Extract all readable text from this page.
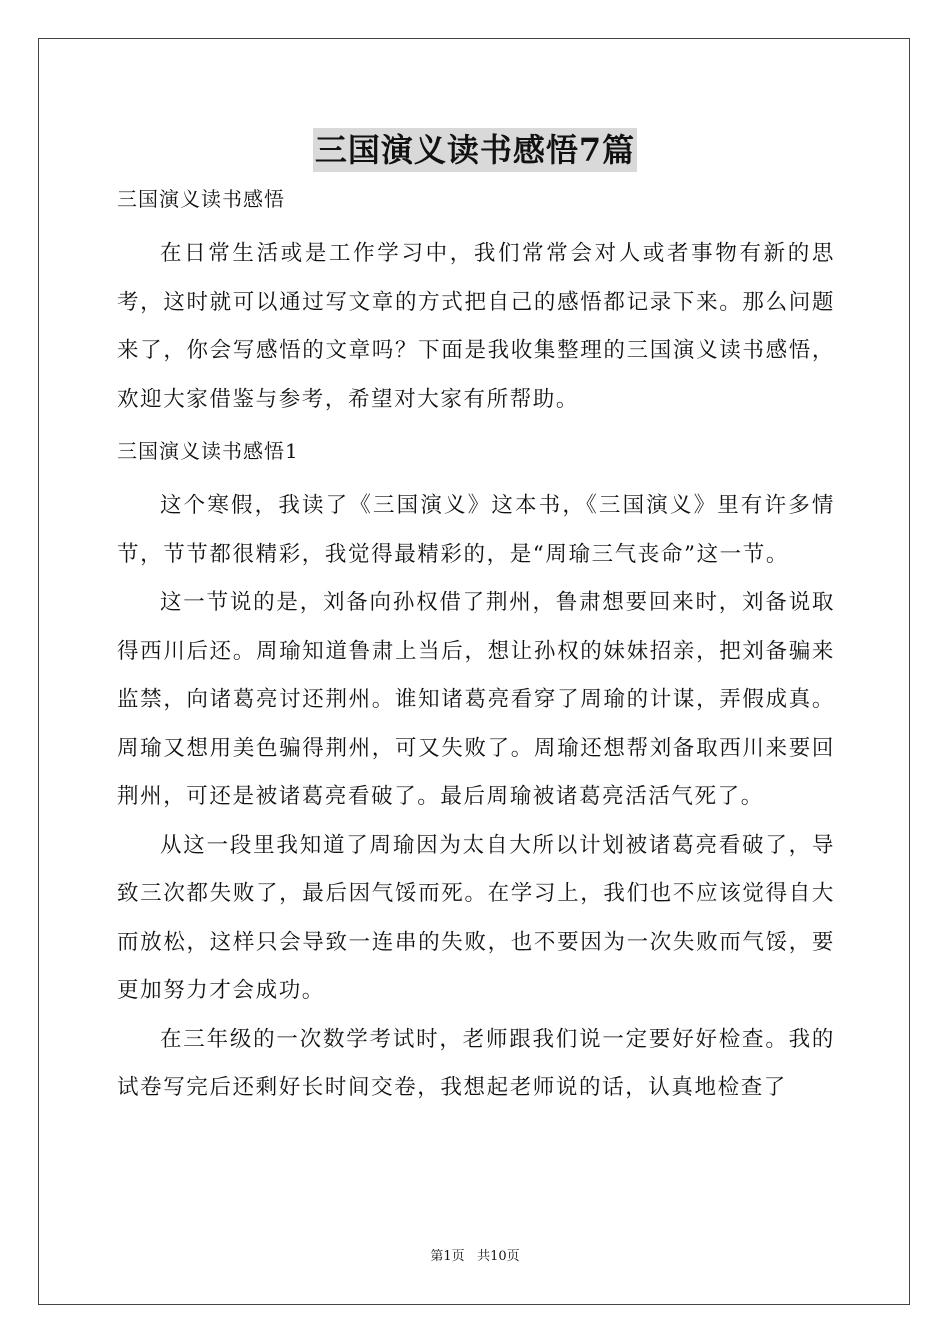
三国演义读书感悟7篇

三国演义读书感悟

在日常生活或是工作学习中，我们常常会对人或者事物有新的思考，这时就可以通过写文章的方式把自己的感悟都记录下来。那么问题来了，你会写感悟的文章吗？下面是我收集整理的三国演义读书感悟，欢迎大家借鉴与参考，希望对大家有所帮助。

三国演义读书感悟1

这个寒假，我读了《三国演义》这本书，《三国演义》里有许多情节，节节都很精彩，我觉得最精彩的，是“周瑜三气丧命”这一节。

这一节说的是，刘备向孙权借了荆州，鲁肃想要回来时，刘备说取得西川后还。周瑜知道鲁肃上当后，想让孙权的妹妹招亲，把刘备骗来监禁，向诸葛亮讨还荆州。谁知诸葛亮看穿了周瑜的计谋，弄假成真。周瑜又想用美色骗得荆州，可又失败了。周瑜还想帮刘备取西川来要回荆州，可还是被诸葛亮看破了。最后周瑜被诸葛亮活活气死了。

从这一段里我知道了周瑜因为太自大所以计划被诸葛亮看破了，导致三次都失败了，最后因气馁而死。在学习上，我们也不应该觉得自大而放松，这样只会导致一连串的失败，也不要因为一次失败而气馁，要更加努力才会成功。

在三年级的一次数学考试时，老师跟我们说一定要好好检查。我的试卷写完后还剩好长时间交卷，我想起老师说的话，认真地检查了

第1页 共10页
